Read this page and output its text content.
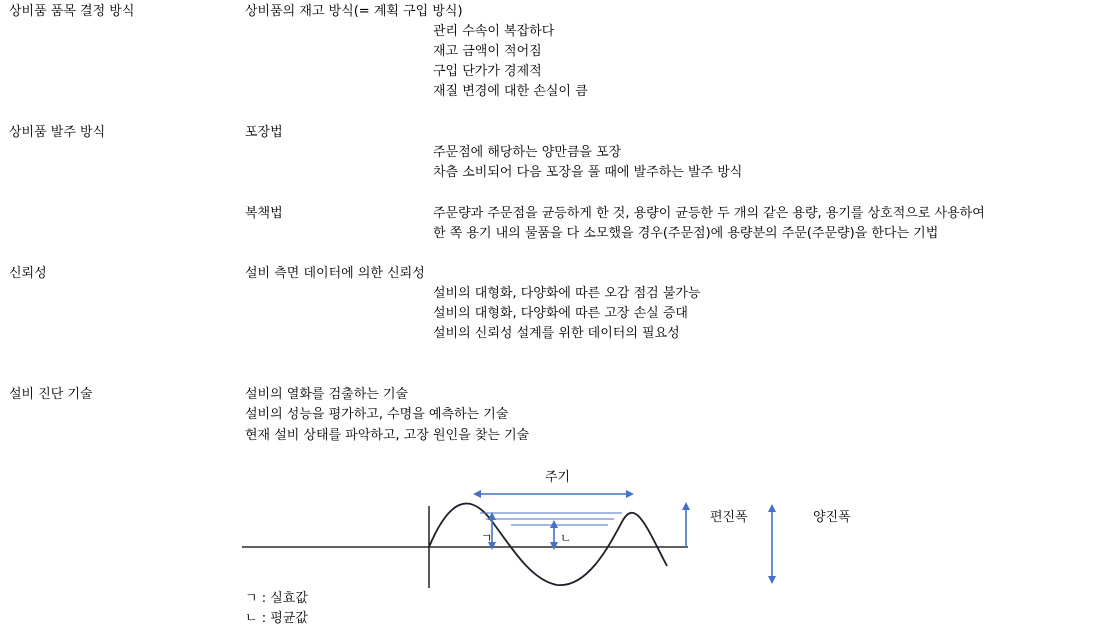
상비품 품목 결정 방식	상비품의 재고 방식(= 계획 구입 방식)
관리 수속이 복잡하다
재고 금액이 적어짐
구입 단가가 경제적
재질 변경에 대한 손실이 큼
상비품 발주 방식	포장법
주문점에 해당하는 양만큼을 포장
차츰 소비되어 다음 포장을 풀 때에 발주하는 발주 방식
복책법	주문량과 주문점을 균등하게 한 것, 용량이 균등한 두 개의 같은 용량, 용기를 상호적으로 사용하여
한 쪽 용기 내의 물품을 다 소모했을 경우(주문점)에 용량분의 주문(주문량)을 한다는 기법
신뢰성	설비 측면 데이터에 의한 신뢰성
설비의 대형화, 다양화에 따른 오감 점검 불가능
설비의 대형화, 다양화에 따른 고장 손실 증대
설비의 신뢰성 설계를 위한 데이터의 필요성
설비 진단 기술	설비의 열화를 검출하는 기술
설비의 성능을 평가하고, 수명을 예측하는 기술
현재 설비 상태를 파악하고, 고장 원인을 찾는 기술
주기
편진폭	양진폭
ㄱ	ㄴ
ㄱ : 실효값
ㄴ : 평균값
